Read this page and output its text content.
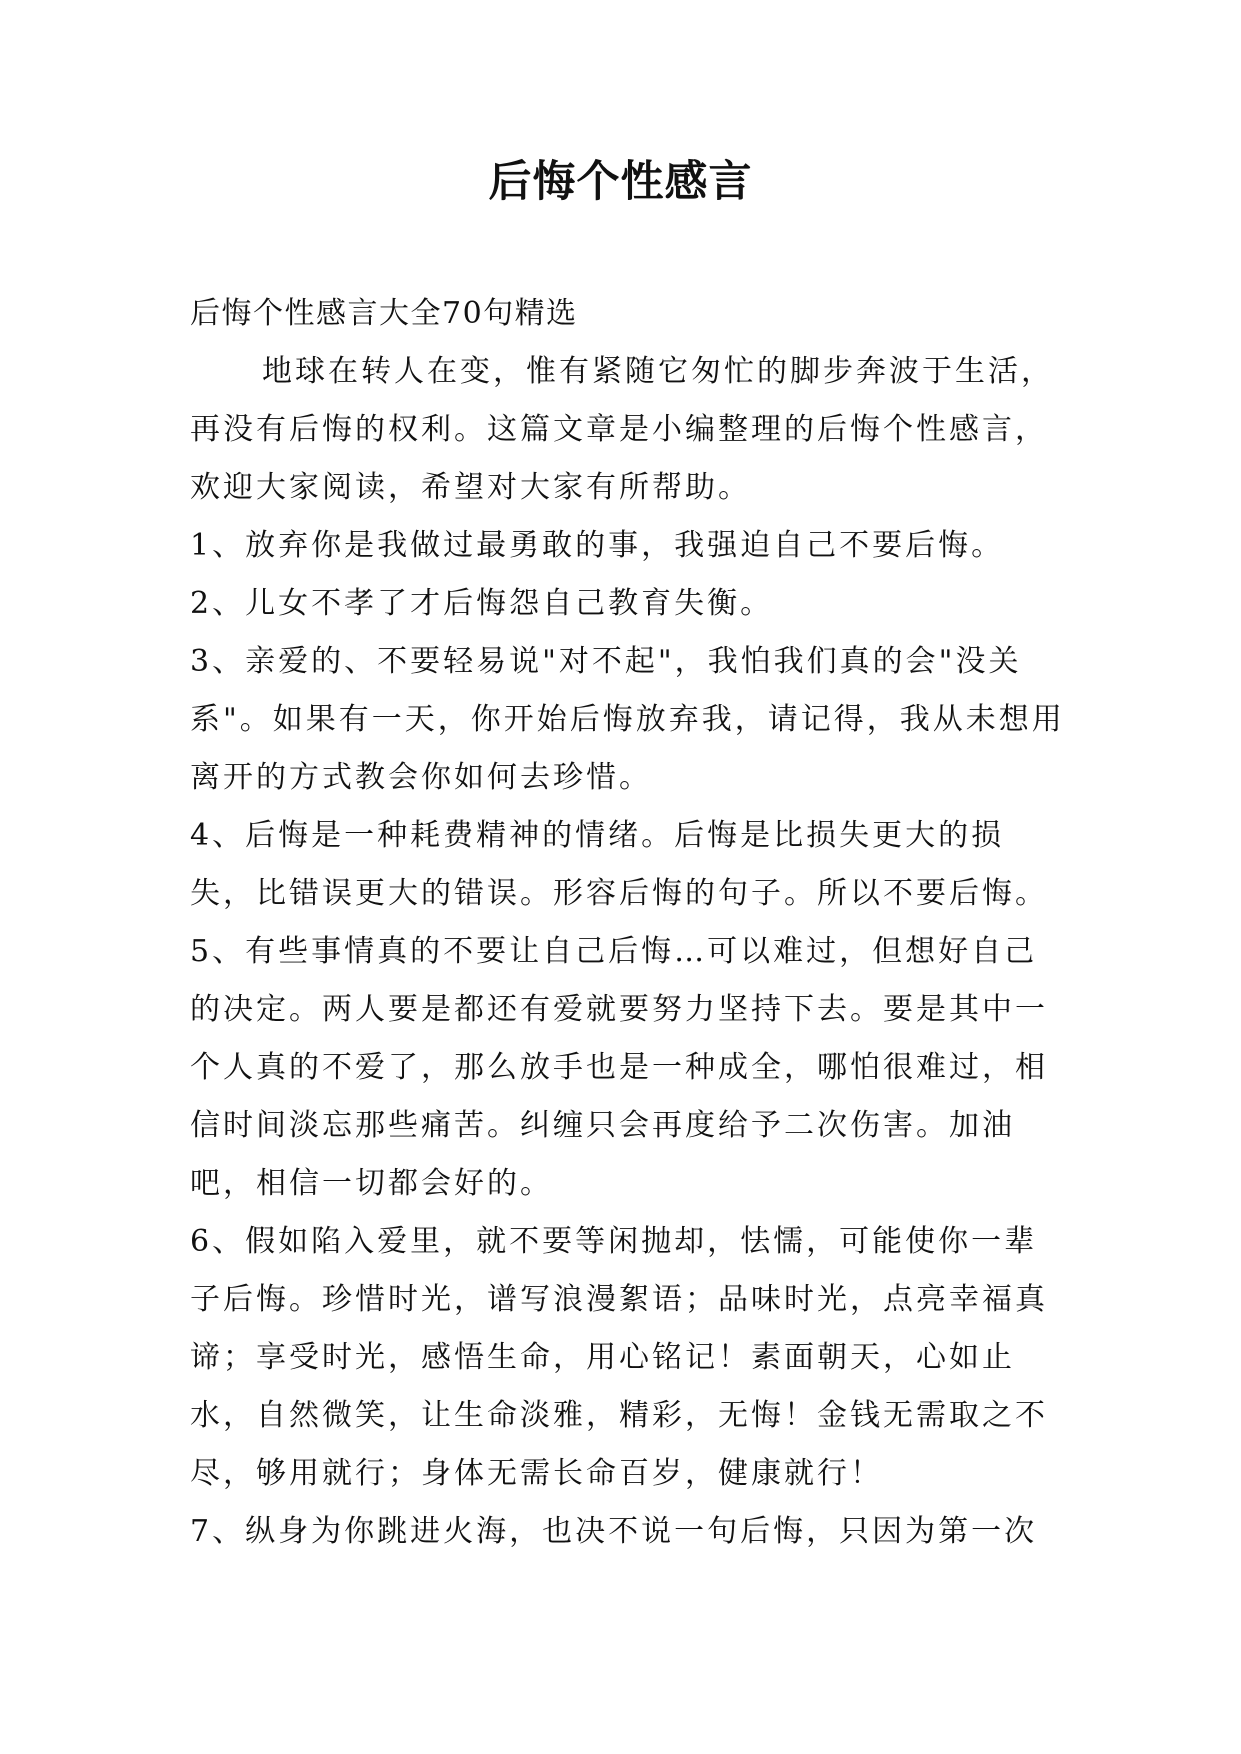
后悔个性感言

后悔个性感言大全70句精选

地球在转人在变，惟有紧随它匆忙的脚步奔波于生活，再没有后悔的权利。这篇文章是小编整理的后悔个性感言，欢迎大家阅读，希望对大家有所帮助。

1、放弃你是我做过最勇敢的事，我强迫自己不要后悔。

2、儿女不孝了才后悔怨自己教育失衡。

3、亲爱的、不要轻易说"对不起"，我怕我们真的会"没关系"。如果有一天，你开始后悔放弃我，请记得，我从未想用离开的方式教会你如何去珍惜。

4、后悔是一种耗费精神的情绪。后悔是比损失更大的损失，比错误更大的错误。形容后悔的句子。所以不要后悔。

5、有些事情真的不要让自己后悔…可以难过，但想好自己的决定。两人要是都还有爱就要努力坚持下去。要是其中一个人真的不爱了，那么放手也是一种成全，哪怕很难过，相信时间淡忘那些痛苦。纠缠只会再度给予二次伤害。加油吧，相信一切都会好的。

6、假如陷入爱里，就不要等闲抛却，怯懦，可能使你一辈子后悔。珍惜时光，谱写浪漫絮语；品味时光，点亮幸福真谛；享受时光，感悟生命，用心铭记！素面朝天，心如止水，自然微笑，让生命淡雅，精彩，无悔！金钱无需取之不尽，够用就行；身体无需长命百岁，健康就行！

7、纵身为你跳进火海，也决不说一句后悔，只因为第一次
